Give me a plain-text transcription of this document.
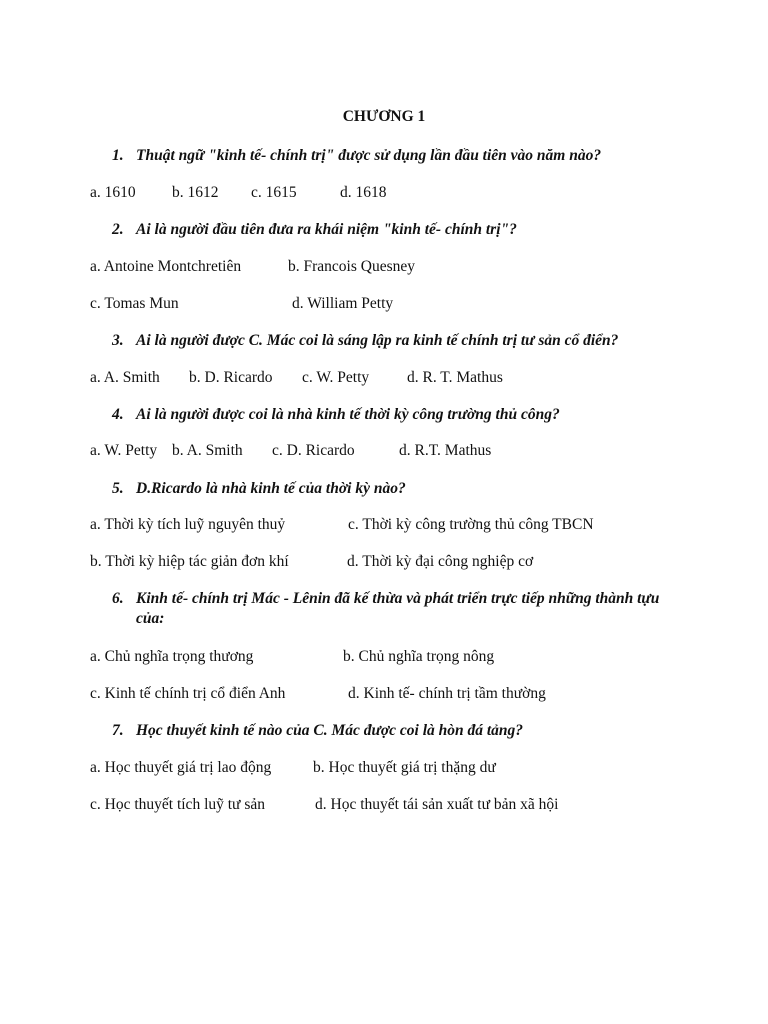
CHƯƠNG 1
1. Thuật ngữ "kinh tế- chính trị" được sử dụng lần đầu tiên vào năm nào?
a. 1610 b. 1612 c. 1615	d. 1618
2. Ai là người đầu tiên đưa ra khái niệm "kinh tế- chính trị"?
a. Antoine Montchretiên	b. Francois Quesney
c. Tomas Mun	d. William Petty
3. Ai là người được C. Mác coi là sáng lập ra kinh tế chính trị tư sản cổ điển?
a. A. Smith b. D. Ricardo c. W. Petty d. R. T. Mathus
4. Ai là người được coi là nhà kinh tế thời kỳ công trường thủ công?
a. W. Petty b. A. Smith c. D. Ricardo	d. R.T. Mathus
5. D.Ricardo là nhà kinh tế của thời kỳ nào?
a. Thời kỳ tích luỹ nguyên thuỷ	c. Thời kỳ công trường thủ công TBCN
b. Thời kỳ hiệp tác giản đơn khí	d. Thời kỳ đại công nghiệp cơ
6. Kinh tế- chính trị Mác - Lênin đã kế thừa và phát triển trực tiếp những thành tựu của:
a. Chủ nghĩa trọng thương	b. Chủ nghĩa trọng nông
c. Kinh tế chính trị cổ điển Anh	d. Kinh tế- chính trị tầm thường
7. Học thuyết kinh tế nào của C. Mác được coi là hòn đá tảng?
a. Học thuyết giá trị lao động	b. Học thuyết giá trị thặng dư
c. Học thuyết tích luỹ tư sản	d. Học thuyết tái sản xuất tư bản xã hội
